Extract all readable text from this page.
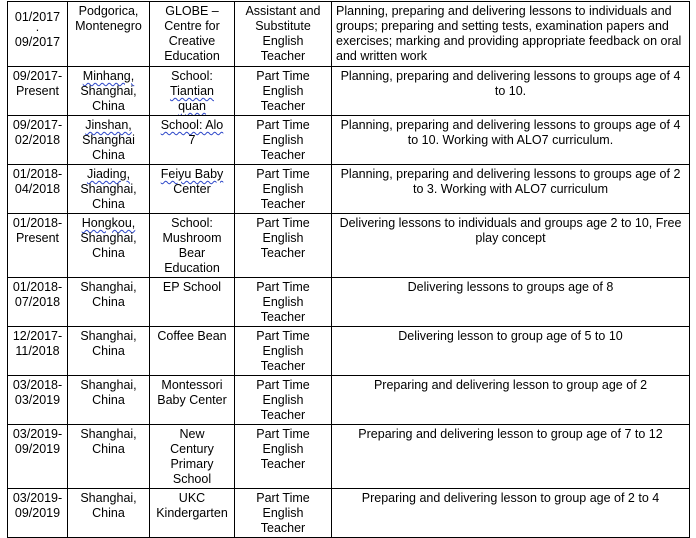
01/2017
·
09/2017	Podgorica,
Montenegro	GLOBE –
Centre for
Creative
Education	Assistant and
Substitute
English
Teacher	Planning, preparing and delivering lessons to individuals and groups; preparing and setting tests, examination papers and exercises; marking and providing appropriate feedback on oral and written work

09/2017-
Present	Minhang,
Shanghai,
China	School:
Tiantian
quan	Part Time
English
Teacher	Planning, preparing and delivering lessons to groups age of 4 to 10.

09/2017-
02/2018	Jinshan,
Shanghai
China	School: Alo
7	Part Time
English
Teacher	Planning, preparing and delivering lessons to groups age of 4 to 10. Working with ALO7 curriculum.

01/2018-
04/2018	Jiading,
Shanghai,
China	Feiyu Baby
Center	Part Time
English
Teacher	Planning, preparing and delivering lessons to groups age of 2 to 3. Working with ALO7 curriculum

01/2018-
Present	Hongkou,
Shanghai,
China	School:
Mushroom
Bear
Education	Part Time
English
Teacher	Delivering lessons to individuals and groups age 2 to 10, Free play concept

01/2018-
07/2018	Shanghai,
China	EP School	Part Time
English
Teacher	Delivering lessons to groups age of 8

12/2017-
11/2018	Shanghai,
China	Coffee Bean	Part Time
English
Teacher	Delivering lesson to group age of 5 to 10

03/2018-
03/2019	Shanghai,
China	Montessori
Baby Center	Part Time
English
Teacher	Preparing and delivering lesson to group age of 2

03/2019-
09/2019	Shanghai,
China	New
Century
Primary
School	Part Time
English
Teacher	Preparing and delivering lesson to group age of 7 to 12

03/2019-
09/2019	Shanghai,
China	UKC
Kindergarten	Part Time
English
Teacher	Preparing and delivering lesson to group age of 2 to 4
